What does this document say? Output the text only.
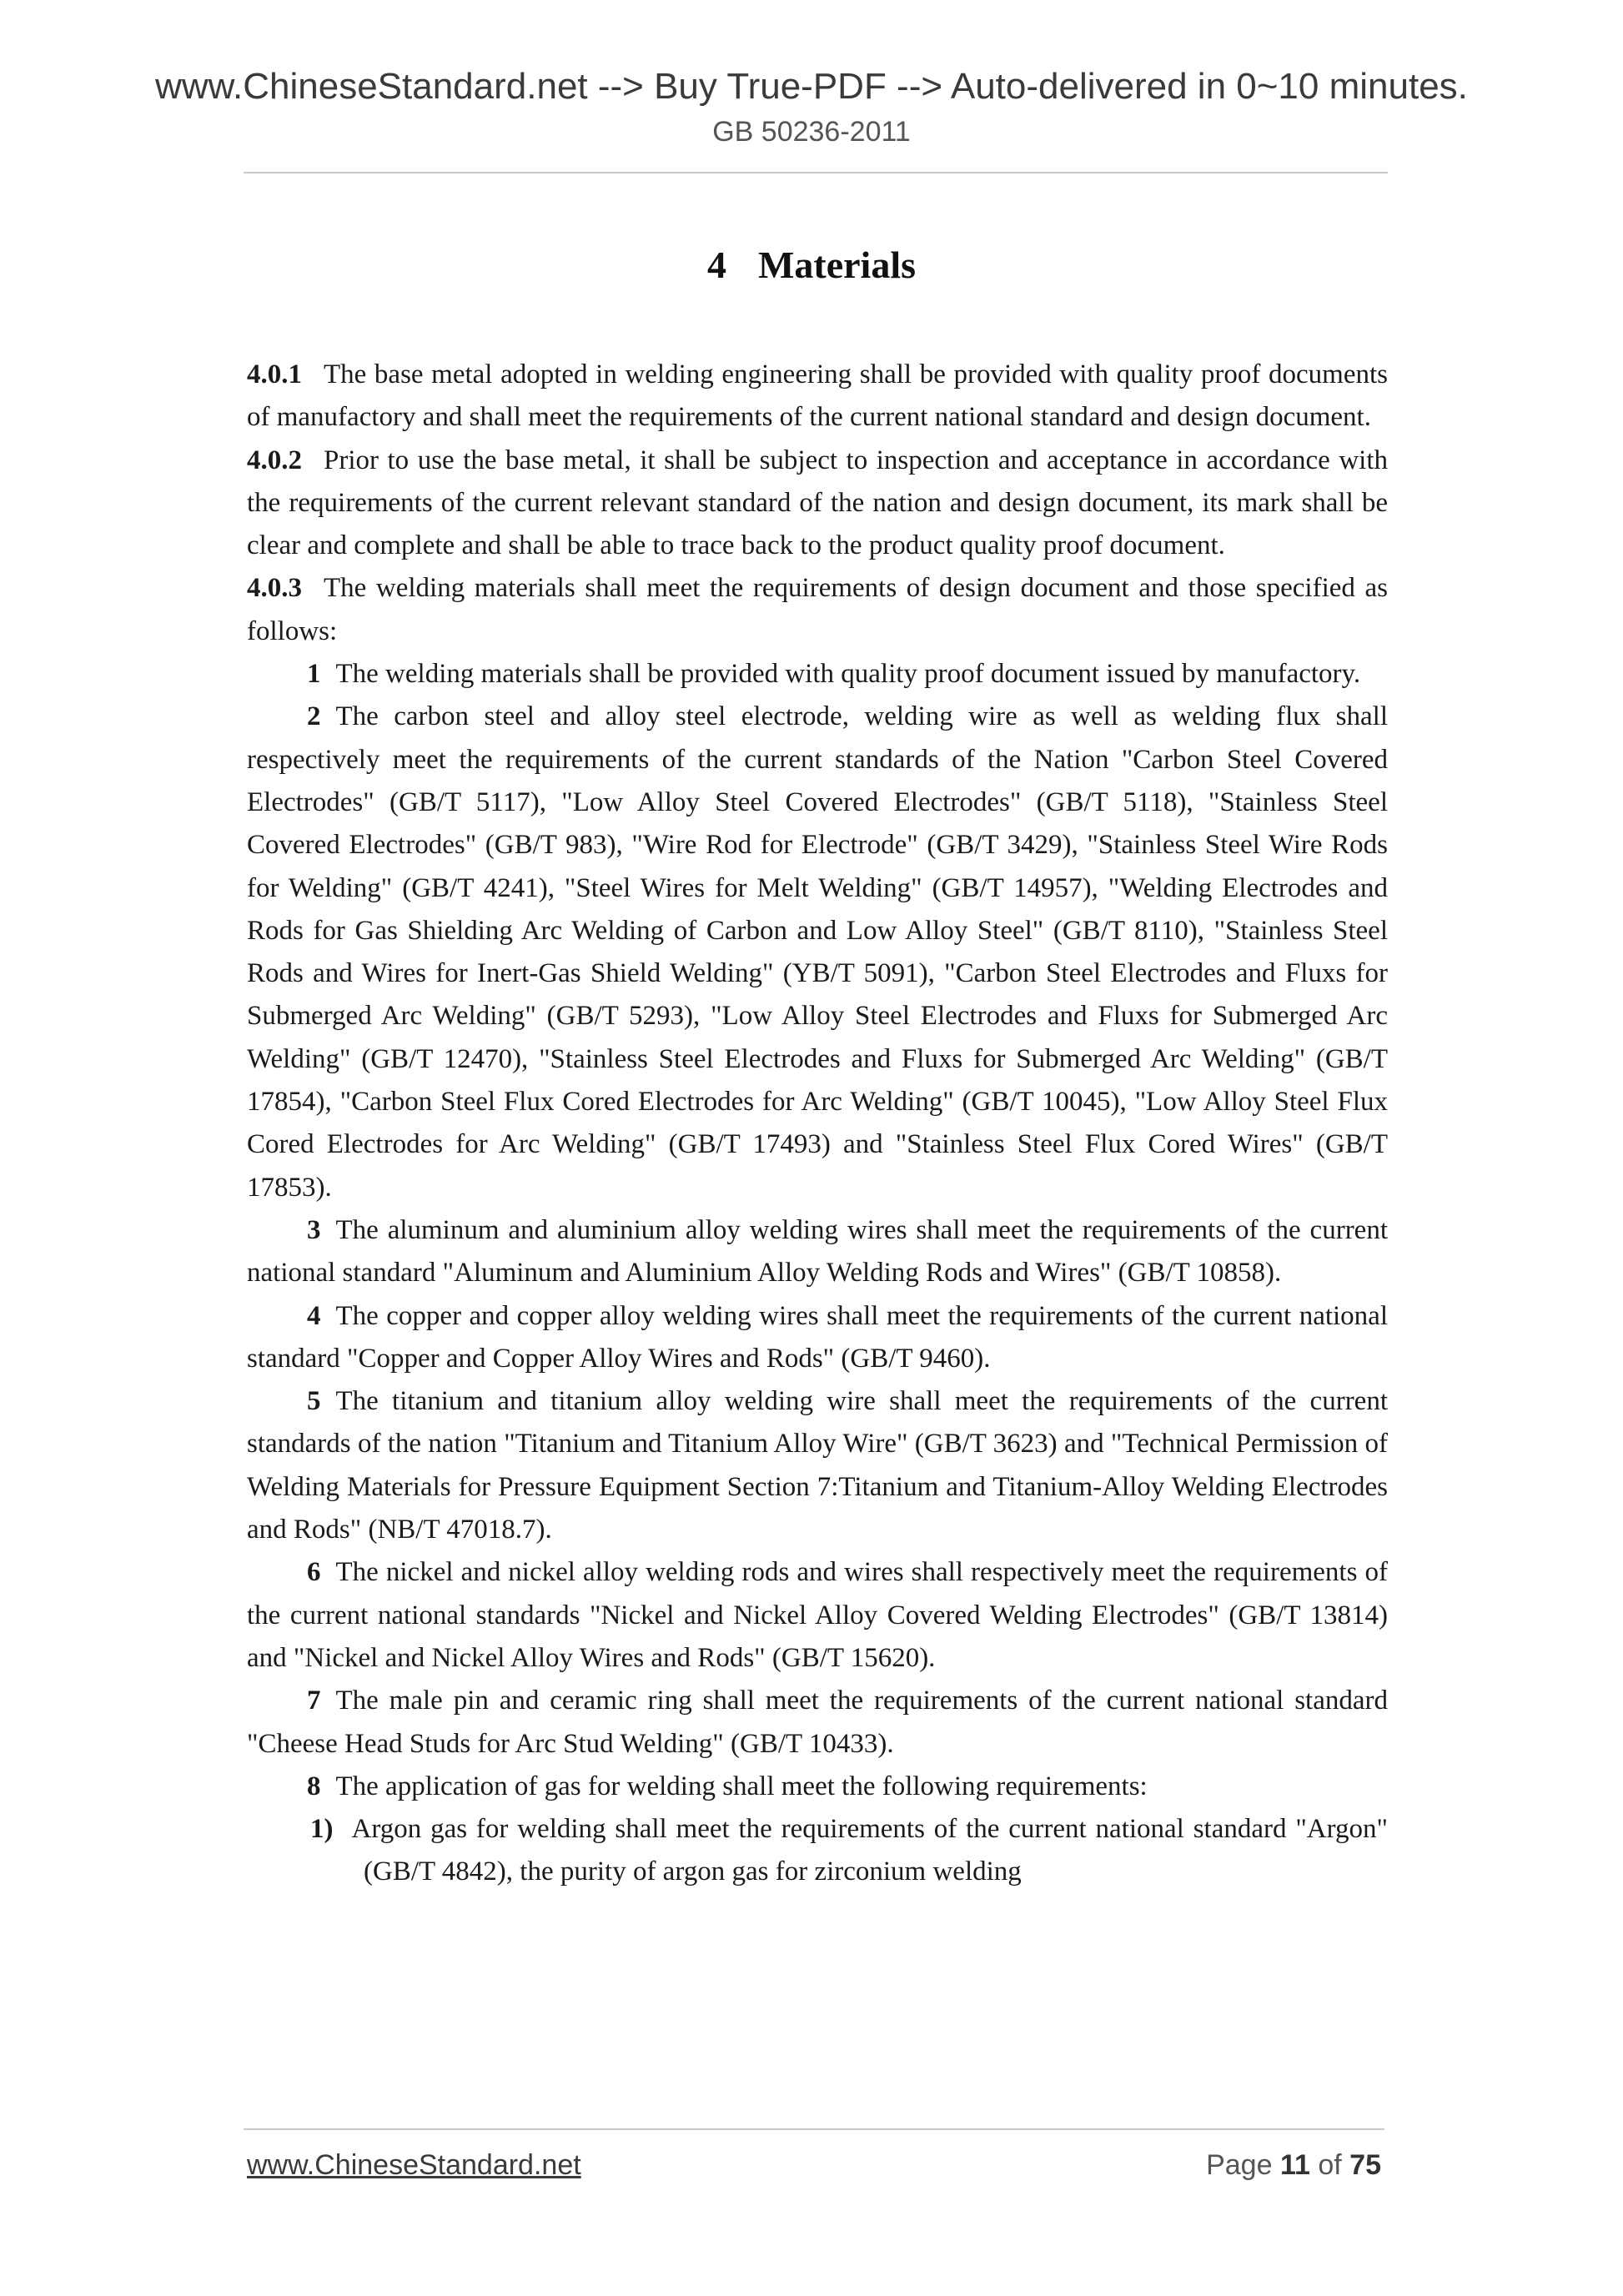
www.ChineseStandard.net --> Buy True-PDF --> Auto-delivered in 0~10 minutes.
GB 50236-2011
4 Materials

4.0.1 The base metal adopted in welding engineering shall be provided with quality proof documents of manufactory and shall meet the requirements of the current national standard and design document.

4.0.2 Prior to use the base metal, it shall be subject to inspection and acceptance in accordance with the requirements of the current relevant standard of the nation and design document, its mark shall be clear and complete and shall be able to trace back to the product quality proof document.

4.0.3 The welding materials shall meet the requirements of design document and those specified as follows:

1 The welding materials shall be provided with quality proof document issued by manufactory.

2 The carbon steel and alloy steel electrode, welding wire as well as welding flux shall respectively meet the requirements of the current standards of the Nation "Carbon Steel Covered Electrodes" (GB/T 5117), "Low Alloy Steel Covered Electrodes" (GB/T 5118), "Stainless Steel Covered Electrodes" (GB/T 983), "Wire Rod for Electrode" (GB/T 3429), "Stainless Steel Wire Rods for Welding" (GB/T 4241), "Steel Wires for Melt Welding" (GB/T 14957), "Welding Electrodes and Rods for Gas Shielding Arc Welding of Carbon and Low Alloy Steel" (GB/T 8110), "Stainless Steel Rods and Wires for Inert-Gas Shield Welding" (YB/T 5091), "Carbon Steel Electrodes and Fluxs for Submerged Arc Welding" (GB/T 5293), "Low Alloy Steel Electrodes and Fluxs for Submerged Arc Welding" (GB/T 12470), "Stainless Steel Electrodes and Fluxs for Submerged Arc Welding" (GB/T 17854), "Carbon Steel Flux Cored Electrodes for Arc Welding" (GB/T 10045), "Low Alloy Steel Flux Cored Electrodes for Arc Welding" (GB/T 17493) and "Stainless Steel Flux Cored Wires" (GB/T 17853).

3 The aluminum and aluminium alloy welding wires shall meet the requirements of the current national standard "Aluminum and Aluminium Alloy Welding Rods and Wires" (GB/T 10858).

4 The copper and copper alloy welding wires shall meet the requirements of the current national standard "Copper and Copper Alloy Wires and Rods" (GB/T 9460).

5 The titanium and titanium alloy welding wire shall meet the requirements of the current standards of the nation "Titanium and Titanium Alloy Wire" (GB/T 3623) and "Technical Permission of Welding Materials for Pressure Equipment Section 7:Titanium and Titanium-Alloy Welding Electrodes and Rods" (NB/T 47018.7).

6 The nickel and nickel alloy welding rods and wires shall respectively meet the requirements of the current national standards "Nickel and Nickel Alloy Covered Welding Electrodes" (GB/T 13814) and "Nickel and Nickel Alloy Wires and Rods" (GB/T 15620).

7 The male pin and ceramic ring shall meet the requirements of the current national standard "Cheese Head Studs for Arc Stud Welding" (GB/T 10433).

8 The application of gas for welding shall meet the following requirements:

1) Argon gas for welding shall meet the requirements of the current national standard "Argon" (GB/T 4842), the purity of argon gas for zirconium welding

www.ChineseStandard.net	Page 11 of 75
